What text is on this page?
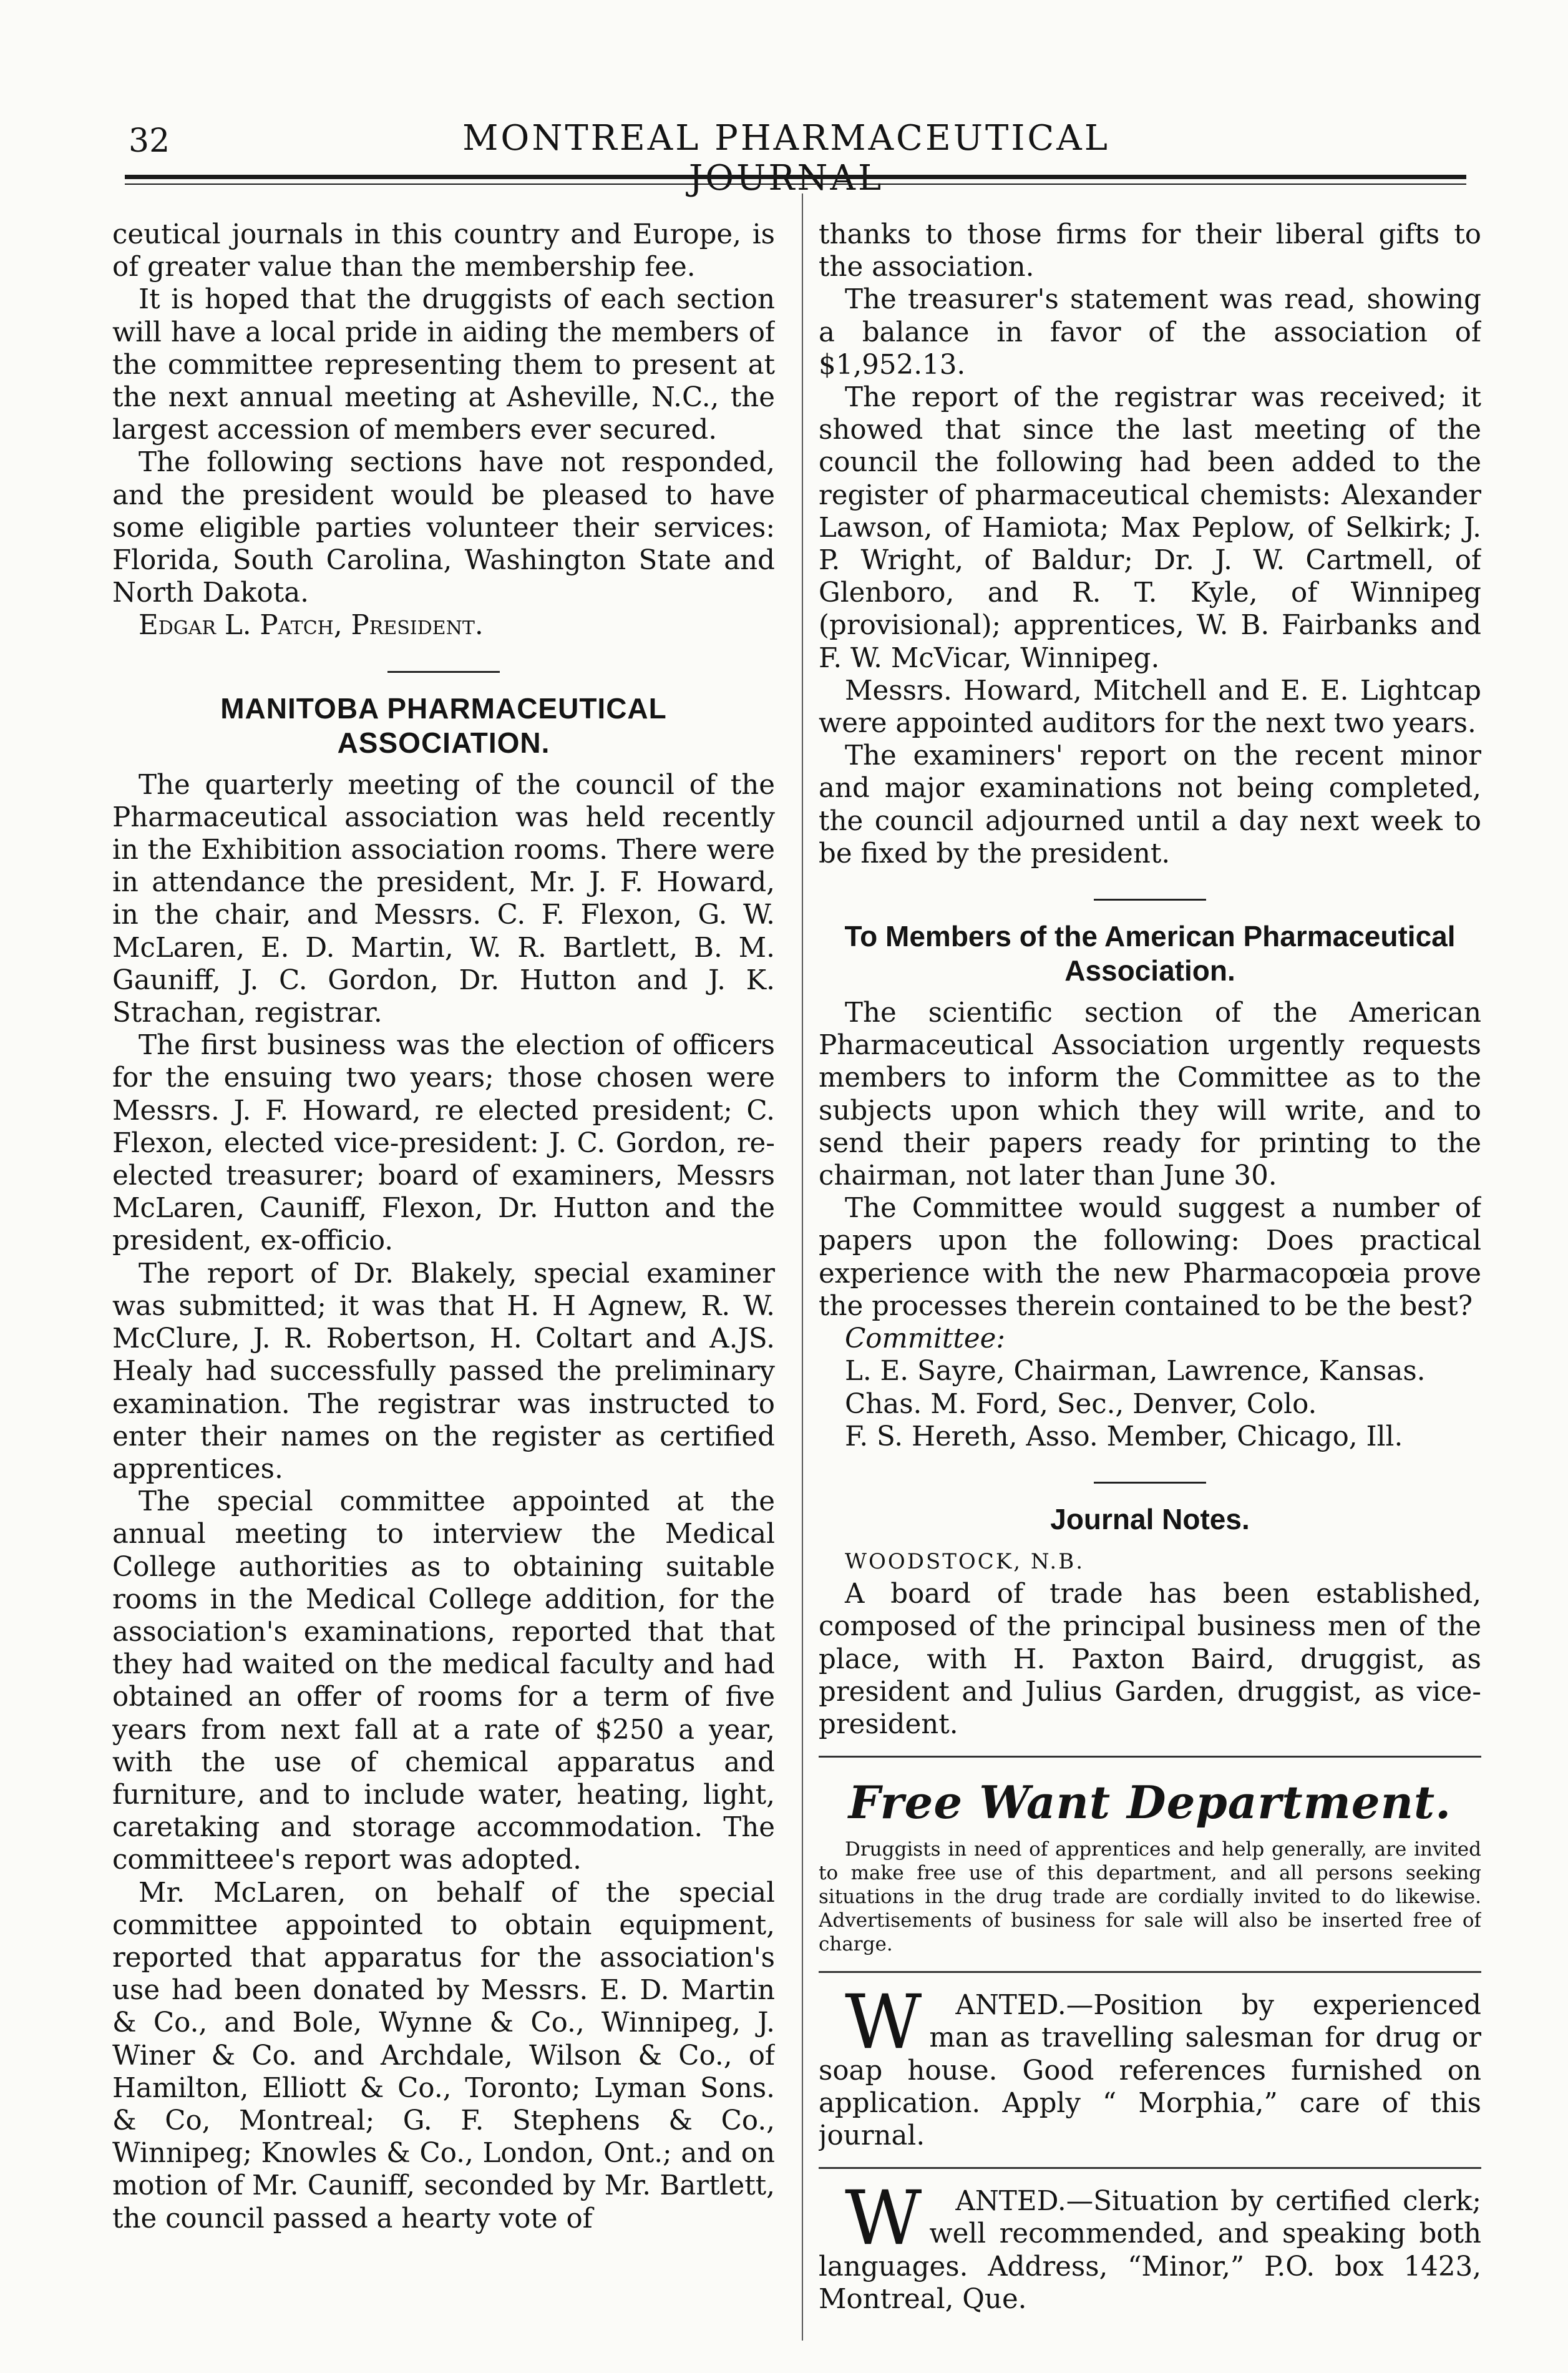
32	MONTREAL PHARMACEUTICAL

ceutical journals in this country and Europe, is of greater value than the membership fee.

It is hoped that the druggists of each section will have a local pride in aiding the members of the committee representing them to present at the next annual meeting at Asheville, N.C., the largest accession of members ever secured.

The following sections have not responded, and the president would be pleased to have some eligible parties volunteer their services: Florida, South Carolina, Washington State and North Dakota.

Edgar L. Patch, President.

MANITOBA PHARMACEUTICAL ASSOCIATION.

The quarterly meeting of the council of the Pharmaceutical association was held recently in the Exhibition association rooms. There were in attendance the president, Mr. J. F. Howard, in the chair, and Messrs. C. F. Flexon, G. W. McLaren, E. D. Martin, W. R. Bartlett, B. M. Gauniff, J. C. Gordon, Dr. Hutton and J. K. Strachan, registrar.

The first business was the election of officers for the ensuing two years; those chosen were Messrs. J. F. Howard, re elected president; C. Flexon, elected vice-president: J. C. Gordon, re-elected treasurer; board of examiners, Messrs McLaren, Cauniff, Flexon, Dr. Hutton and the president, ex-officio.

The report of Dr. Blakely, special examiner was submitted; it was that H. H Agnew, R. W. McClure, J. R. Robertson, H. Coltart and A.JS. Healy had successfully passed the preliminary examination. The registrar was instructed to enter their names on the register as certified apprentices.

The special committee appointed at the annual meeting to interview the Medical College authorities as to obtaining suitable rooms in the Medical College addition, for the association's examinations, reported that that they had waited on the medical faculty and had obtained an offer of rooms for a term of five years from next fall at a rate of $250 a year, with the use of chemical apparatus and furniture, and to include water, heating, light, caretaking and storage accommodation. The committeee's report was adopted.

Mr. McLaren, on behalf of the special committee appointed to obtain equipment, reported that apparatus for the association's use had been donated by Messrs. E. D. Martin & Co., and Bole, Wynne & Co., Winnipeg, J. Winer & Co. and Archdale, Wilson & Co., of Hamilton, Elliott & Co., Toronto; Lyman Sons. & Co, Montreal; G. F. Stephens & Co., Winnipeg; Knowles & Co., London, Ont.; and on motion of Mr. Cauniff, seconded by Mr. Bartlett, the council passed a hearty vote of

thanks to those firms for their liberal gifts to the association.

The treasurer's statement was read, showing a balance in favor of the association of $1,952.13.

The report of the registrar was received; it showed that since the last meeting of the council the following had been added to the register of pharmaceutical chemists: Alexander Lawson, of Hamiota; Max Peplow, of Selkirk; J. P. Wright, of Baldur; Dr. J. W. Cartmell, of Glenboro, and R. T. Kyle, of Winnipeg (provisional); apprentices, W. B. Fairbanks and F. W. McVicar, Winnipeg.

Messrs. Howard, Mitchell and E. E. Lightcap were appointed auditors for the next two years.

The examiners' report on the recent minor and major examinations not being completed, the council adjourned until a day next week to be fixed by the president.

To Members of the American Pharmaceutical Association.

The scientific section of the American Pharmaceutical Association urgently requests members to inform the Committee as to the subjects upon which they will write, and to send their papers ready for printing to the chairman, not later than June 30.

The Committee would suggest a number of papers upon the following: Does practical experience with the new Pharmacopœia prove the processes therein contained to be the best?

Committee:

L. E. Sayre, Chairman, Lawrence, Kansas.

Chas. M. Ford, Sec., Denver, Colo.

F. S. Hereth, Asso. Member, Chicago, Ill.

Journal Notes.

WOODSTOCK, N.B.

A board of trade has been established, composed of the principal business men of the place, with H. Paxton Baird, druggist, as president and Julius Garden, druggist, as vice-president.

Free Want Department.

Druggists in need of apprentices and help generally, are invited to make free use of this department, and all persons seeking situations in the drug trade are cordially invited to do likewise. Advertisements of business for sale will also be inserted free of charge.

W ANTED.—Position by experienced man as travelling salesman for drug or soap house. Good references furnished on application. Apply “ Morphia,” care of this journal.

W ANTED.—Situation by certified clerk; well recommended, and speaking both languages. Address, “Minor,” P.O. box 1423, Montreal, Que.
